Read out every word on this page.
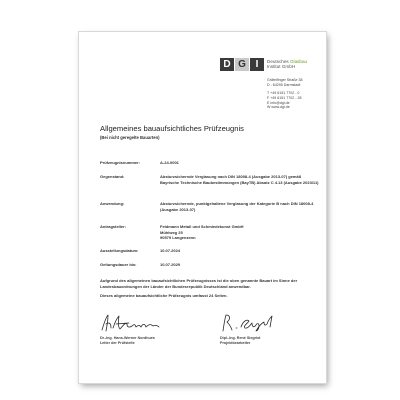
D G I	Deutsches Glasbau
Institut GmbH
Gräfelfinger Straße 38
D - 64295 Darmstadt
T +49 6151 7702 - 0
F +49 6151 7702 - 28
E info@dgi.de
W www.dgi.de
Allgemeines bauaufsichtliches Prüfzeugnis
(Bei nicht geregelte Bauarten)
Prüfzeugnisnummer:	A-24-0001
Gegenstand:	Absturzsichernde Verglasung nach DIN 18008-4 (Ausgabe 2013-07) gemäß Bayrische Technische Baubestimmungen (BayTB) Absatz C 4.13 (Ausgabe 2023/11)
Anwendung:	Absturzsichernde, punktgehaltene Verglasung der Kategorie B nach DIN 18008-4 (Ausgabe 2013-07)
Antragsteller:	Feldmann Metall und Schmiedekunst GmbH
Mühlweg 25
90579 Langenzenn
Ausstellungsdatum:	10.07.2024
Geltungsdauer bis:	10.07.2029
Aufgrund des allgemeinen bauaufsichtlichen Prüfzeugnisses ist die oben genannte Bauart im Sinne der Landesbauordnungen der Länder der Bundesrepublik Deutschland anwendbar.
Dieses allgemeine bauaufsichtliche Prüfzeugnis umfasst 24 Seiten.
Dr.-Ing. Hans-Werner Nordhues
Leiter der Prüfstelle
Dipl.-Ing. René Siegrist
Projektbearbeiter
